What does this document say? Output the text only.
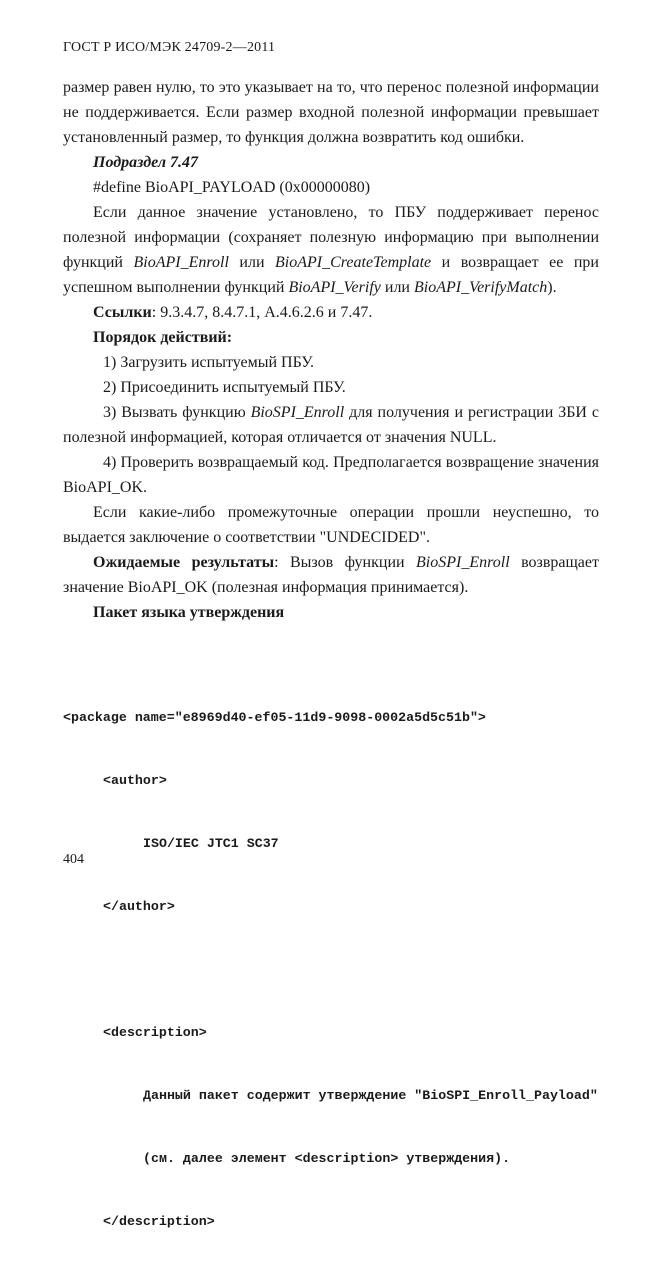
ГОСТ Р ИСО/МЭК 24709-2—2011

размер равен нулю, то это указывает на то, что перенос полезной информации не поддерживается. Если размер входной полезной информации превышает установленный размер, то функция должна возвратить код ошибки.

Подраздел 7.47

#define BioAPI_PAYLOAD (0x00000080)

Если данное значение установлено, то ПБУ поддерживает перенос полезной информации (сохраняет полезную информацию при выполнении функций BioAPI_Enroll или BioAPI_CreateTemplate и возвращает ее при успешном выполнении функций BioAPI_Verify или BioAPI_VerifyMatch).

Ссылки: 9.3.4.7, 8.4.7.1, А.4.6.2.6 и 7.47.

Порядок действий:

1) Загрузить испытуемый ПБУ.

2) Присоединить испытуемый ПБУ.

3) Вызвать функцию BioSPI_Enroll для получения и регистрации ЗБИ с полезной информацией, которая отличается от значения NULL.

4) Проверить возвращаемый код. Предполагается возвращение значения BioAPI_OK.

Если какие-либо промежуточные операции прошли неуспешно, то выдается заключение о соответствии "UNDECIDED".

Ожидаемые результаты: Вызов функции BioSPI_Enroll возвращает значение BioAPI_OK (полезная информация принимается).

Пакет языка утверждения

<package name="e8969d40-ef05-11d9-9098-0002a5d5c51b">

<author>

ISO/IEC JTC1 SC37

</author>

<description>

Данный пакет содержит утверждение "BioSPI_Enroll_Payload"

(см. далее элемент <description> утверждения).

</description>

404
